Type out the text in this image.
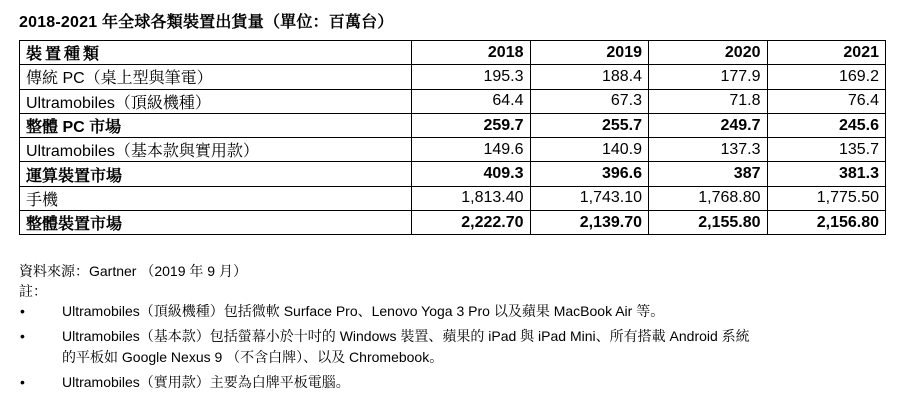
2018-2021 年全球各類裝置出貨量（單位：百萬台）
裝置種類	2018	2019	2020	2021
傳統 PC（桌上型與筆電）	195.3	188.4	177.9	169.2
Ultramobiles（頂級機種）	64.4	67.3	71.8	76.4
整體 PC 市場	259.7	255.7	249.7	245.6
Ultramobiles（基本款與實用款）	149.6	140.9	137.3	135.7
運算裝置市場	409.3	396.6	387	381.3
手機	1,813.40	1,743.10	1,768.80	1,775.50
整體裝置市場	2,222.70	2,139.70	2,155.80	2,156.80
資料來源：Gartner （2019 年 9 月）
註：
•	Ultramobiles（頂級機種）包括微軟 Surface Pro、Lenovo Yoga 3 Pro 以及蘋果 MacBook Air 等。
•	Ultramobiles（基本款）包括螢幕小於十吋的 Windows 裝置、蘋果的 iPad 與 iPad Mini、所有搭載 Android 系統
的平板如 Google Nexus 9 （不含白牌）、以及 Chromebook。
•	Ultramobiles（實用款）主要為白牌平板電腦。
